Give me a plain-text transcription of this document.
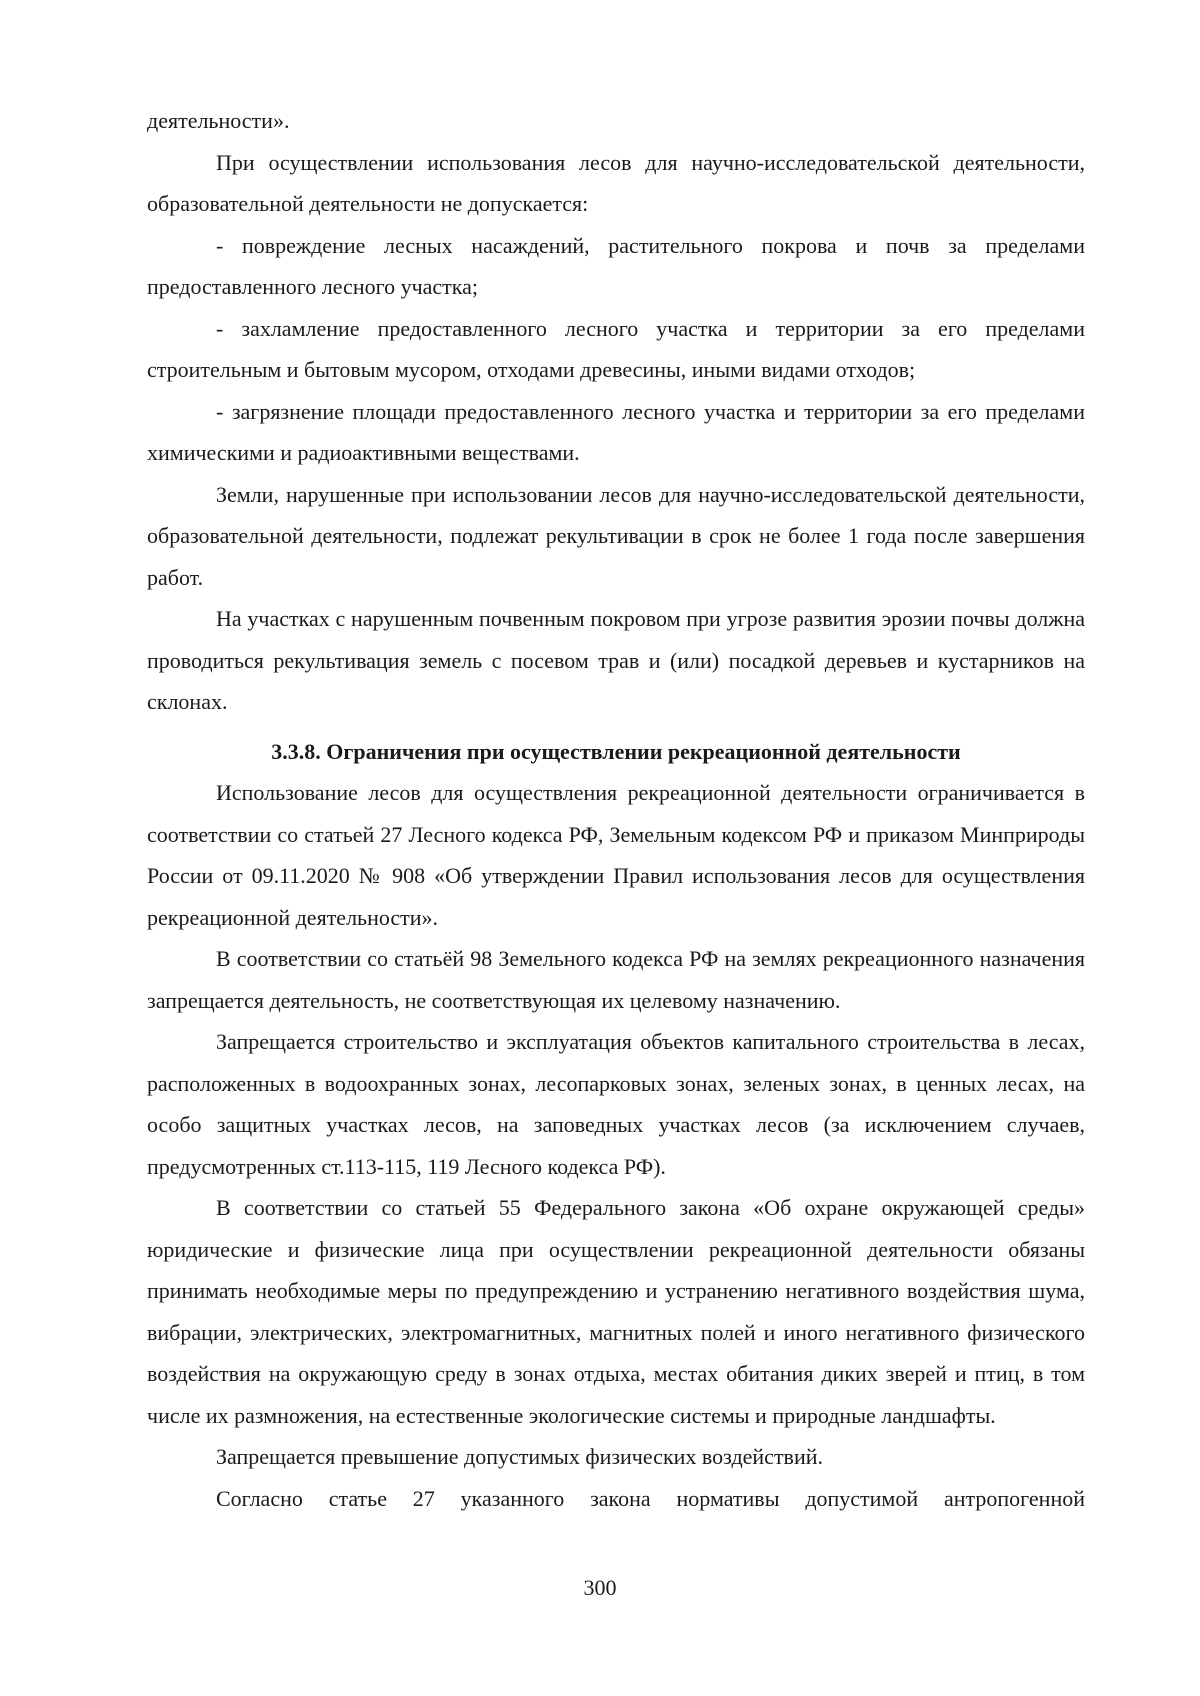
деятельности».

При осуществлении использования лесов для научно-исследовательской деятельности, образовательной деятельности не допускается:

- повреждение лесных насаждений, растительного покрова и почв за пределами предоставленного лесного участка;

- захламление предоставленного лесного участка и территории за его пределами строительным и бытовым мусором, отходами древесины, иными видами отходов;

- загрязнение площади предоставленного лесного участка и территории за его пределами химическими и радиоактивными веществами.

Земли, нарушенные при использовании лесов для научно-исследовательской деятельности, образовательной деятельности, подлежат рекультивации в срок не более 1 года после завершения работ.

На участках с нарушенным почвенным покровом при угрозе развития эрозии почвы должна проводиться рекультивация земель с посевом трав и (или) посадкой деревьев и кустарников на склонах.

3.3.8. Ограничения при осуществлении рекреационной деятельности

Использование лесов для осуществления рекреационной деятельности ограничивается в соответствии со статьей 27 Лесного кодекса РФ, Земельным кодексом РФ и приказом Минприроды России от 09.11.2020 № 908 «Об утверждении Правил использования лесов для осуществления рекреационной деятельности».

В соответствии со статьёй 98 Земельного кодекса РФ на землях рекреационного назначения запрещается деятельность, не соответствующая их целевому назначению.

Запрещается строительство и эксплуатация объектов капитального строительства в лесах, расположенных в водоохранных зонах, лесопарковых зонах, зеленых зонах, в ценных лесах, на особо защитных участках лесов, на заповедных участках лесов (за исключением случаев, предусмотренных ст.113-115, 119 Лесного кодекса РФ).

В соответствии со статьей 55 Федерального закона «Об охране окружающей среды» юридические и физические лица при осуществлении рекреационной деятельности обязаны принимать необходимые меры по предупреждению и устранению негативного воздействия шума, вибрации, электрических, электромагнитных, магнитных полей и иного негативного физического воздействия на окружающую среду в зонах отдыха, местах обитания диких зверей и птиц, в том числе их размножения, на естественные экологические системы и природные ландшафты.

Запрещается превышение допустимых физических воздействий.

Согласно статье 27 указанного закона нормативы допустимой антропогенной

300
